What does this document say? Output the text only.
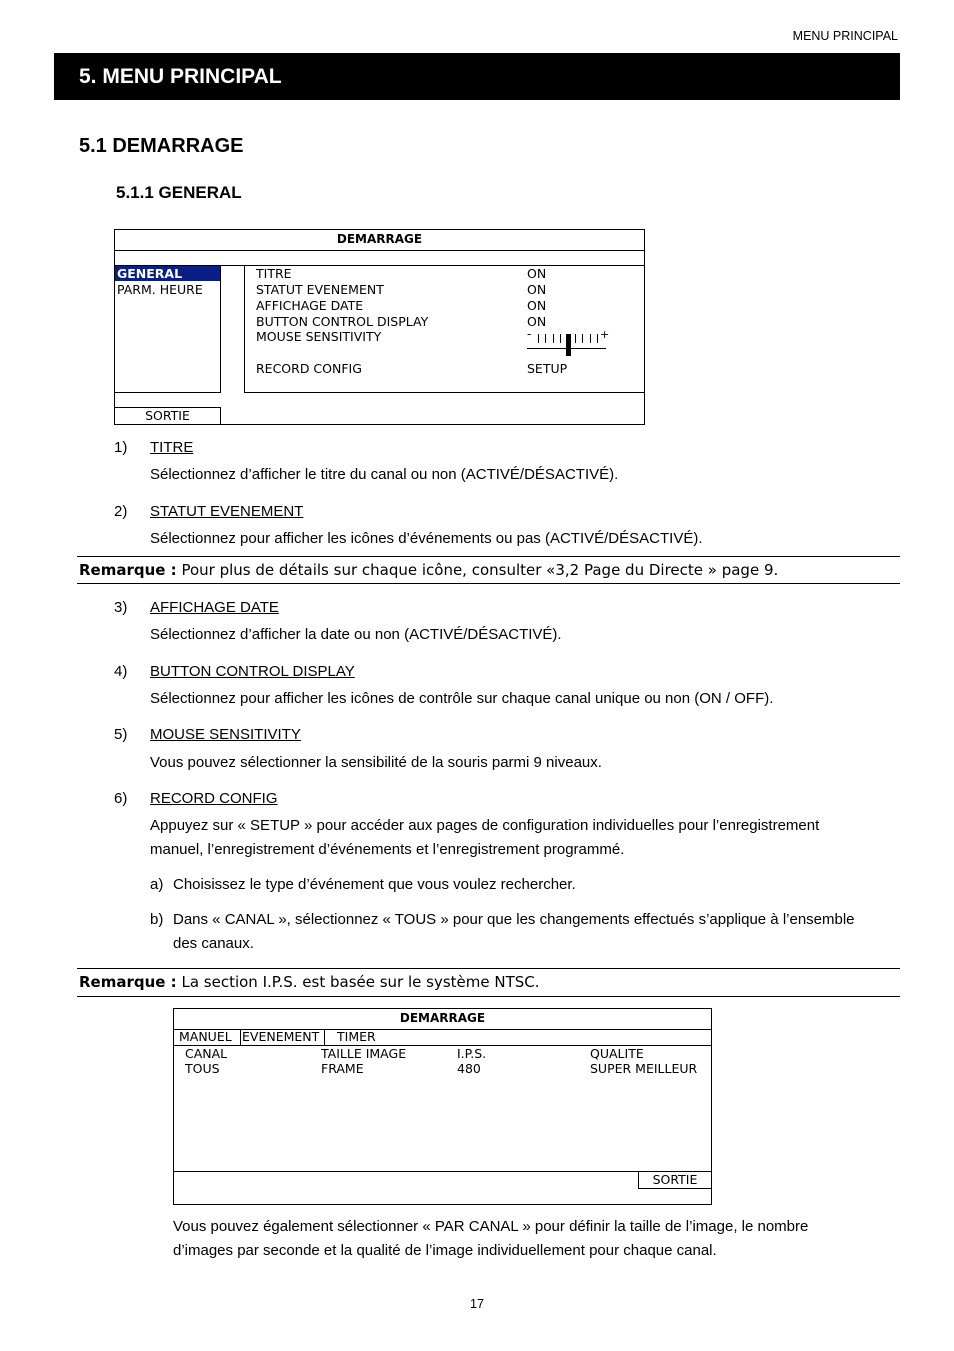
MENU PRINCIPAL
5. MENU PRINCIPAL
5.1 DEMARRAGE
5.1.1 GENERAL
DEMARRAGE
GENERAL
PARM. HEURE
TITRE	ON
STATUT EVENEMENT	ON
AFFICHAGE DATE	ON
BUTTON CONTROL DISPLAY	ON
MOUSE SENSITIVITY	-	+
RECORD CONFIG	SETUP
SORTIE
1) TITRE
Sélectionnez d’afficher le titre du canal ou non (ACTIVÉ/DÉSACTIVÉ).
2) STATUT EVENEMENT
Sélectionnez pour afficher les icônes d’événements ou pas (ACTIVÉ/DÉSACTIVÉ).
Remarque : Pour plus de détails sur chaque icône, consulter «3,2 Page du Directe » page 9.
3) AFFICHAGE DATE
Sélectionnez d’afficher la date ou non (ACTIVÉ/DÉSACTIVÉ).
4) BUTTON CONTROL DISPLAY
Sélectionnez pour afficher les icônes de contrôle sur chaque canal unique ou non (ON / OFF).
5) MOUSE SENSITIVITY
Vous pouvez sélectionner la sensibilité de la souris parmi 9 niveaux.
6) RECORD CONFIG
Appuyez sur « SETUP » pour accéder aux pages de configuration individuelles pour l’enregistrement
manuel, l’enregistrement d’événements et l’enregistrement programmé.
a) Choisissez le type d’événement que vous voulez rechercher.
b) Dans « CANAL », sélectionnez « TOUS » pour que les changements effectués s’applique à l’ensemble
des canaux.
Remarque : La section I.P.S. est basée sur le système NTSC.
DEMARRAGE
MANUEL EVENEMENT TIMER
CANAL	TAILLE IMAGE	I.P.S.	QUALITE
TOUS	FRAME	480	SUPER MEILLEUR
SORTIE
Vous pouvez également sélectionner « PAR CANAL » pour définir la taille de l’image, le nombre
d’images par seconde et la qualité de l’image individuellement pour chaque canal.
17
